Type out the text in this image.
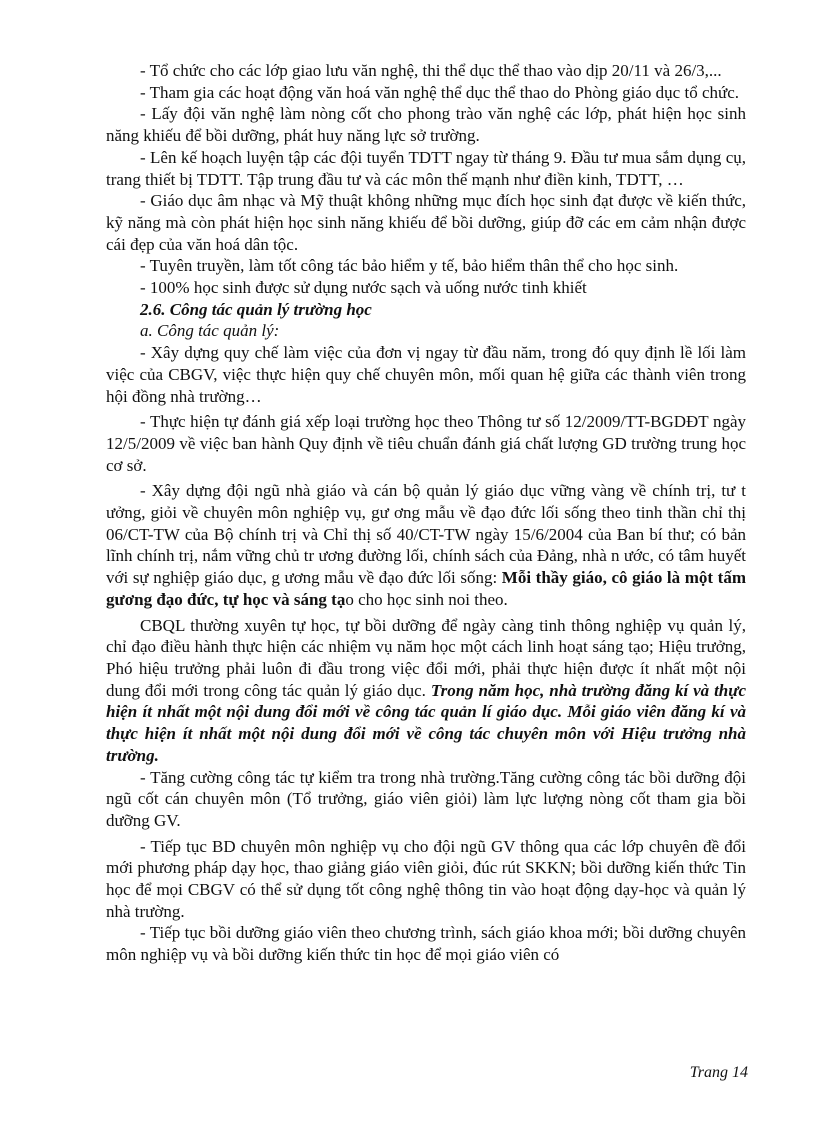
- Tổ chức cho các lớp giao lưu văn nghệ, thi thể dục thể thao vào dịp 20/11 và 26/3,...

- Tham gia các hoạt động văn hoá văn nghệ thể dục thể thao do Phòng giáo dục tổ chức.

- Lấy đội văn nghệ làm nòng cốt cho phong trào văn nghệ các lớp, phát hiện học sinh năng khiếu để bồi dưỡng, phát huy năng lực sở trường.

- Lên kế hoạch luyện tập các đội tuyển TDTT ngay từ tháng 9. Đầu tư mua sắm dụng cụ, trang thiết bị TDTT. Tập trung đầu tư và các môn thế mạnh như điền kinh, TDTT, …

- Giáo dục âm nhạc và Mỹ thuật không những mục đích học sinh đạt được về kiến thức, kỹ năng mà còn phát hiện học sinh năng khiếu để bồi dưỡng, giúp đỡ các em cảm nhận được cái đẹp của văn hoá dân tộc.

- Tuyên truyền, làm tốt công tác bảo hiểm y tế, bảo hiểm thân thể cho học sinh.

- 100% học sinh được sử dụng nước sạch và uống nước tinh khiết

2.6. Công tác quản lý trường học

a. Công tác quản lý:

- Xây dựng quy chế làm việc của đơn vị ngay từ đầu năm, trong đó quy định lề lối làm việc của CBGV, việc thực hiện quy chế chuyên môn, mối quan hệ giữa các thành viên trong hội đồng nhà trường…

- Thực hiện tự đánh giá xếp loại trường học theo Thông tư số 12/2009/TT-BGDĐT ngày 12/5/2009 về việc ban hành Quy định về tiêu chuẩn đánh giá chất lượng GD trường trung học cơ sở.

- Xây dựng đội ngũ nhà giáo và cán bộ quản lý giáo dục vững vàng về chính trị, tư t ưởng, giỏi về chuyên môn nghiệp vụ, gư ơng mẫu về đạo đức lối sống theo tinh thần chỉ thị 06/CT-TW của Bộ chính trị và Chỉ thị số 40/CT-TW ngày 15/6/2004 của Ban bí thư; có bản lĩnh chính trị, nắm vững chủ tr ương đường lối, chính sách của Đảng, nhà n ước, có tâm huyết với sự nghiệp giáo dục, g ương mẫu về đạo đức lối sống: Mỗi thầy giáo, cô giáo là một tấm gương đạo đức, tự học và sáng tạo cho học sinh noi theo.

CBQL thường xuyên tự học, tự bồi dưỡng để ngày càng tinh thông nghiệp vụ quản lý, chỉ đạo điều hành thực hiện các nhiệm vụ năm học một cách linh hoạt sáng tạo; Hiệu trưởng, Phó hiệu trưởng phải luôn đi đầu trong việc đổi mới, phải thực hiện được ít nhất một nội dung đổi mới trong công tác quản lý giáo dục. Trong năm học, nhà trường đăng kí và thực hiện ít nhất một nội dung đổi mới về công tác quản lí giáo dục. Mỗi giáo viên đăng kí và thực hiện ít nhất một nội dung đổi mới về công tác chuyên môn với Hiệu trưởng nhà trường.

- Tăng cường công tác tự kiểm tra trong nhà trường.Tăng cường công tác bồi dưỡng đội ngũ cốt cán chuyên môn (Tổ trưởng, giáo viên giỏi) làm lực lượng nòng cốt tham gia bồi dưỡng GV.

- Tiếp tục BD chuyên môn nghiệp vụ cho đội ngũ GV thông qua các lớp chuyên đề đổi mới phương pháp dạy học, thao giảng giáo viên giỏi, đúc rút SKKN; bồi dưỡng kiến thức Tin học để mọi CBGV có thể sử dụng tốt công nghệ thông tin vào hoạt động dạy-học và quản lý nhà trường.

- Tiếp tục bồi dưỡng giáo viên theo chương trình, sách giáo khoa mới; bồi dưỡng chuyên môn nghiệp vụ và bồi dưỡng kiến thức tin học để mọi giáo viên có

Trang 14
